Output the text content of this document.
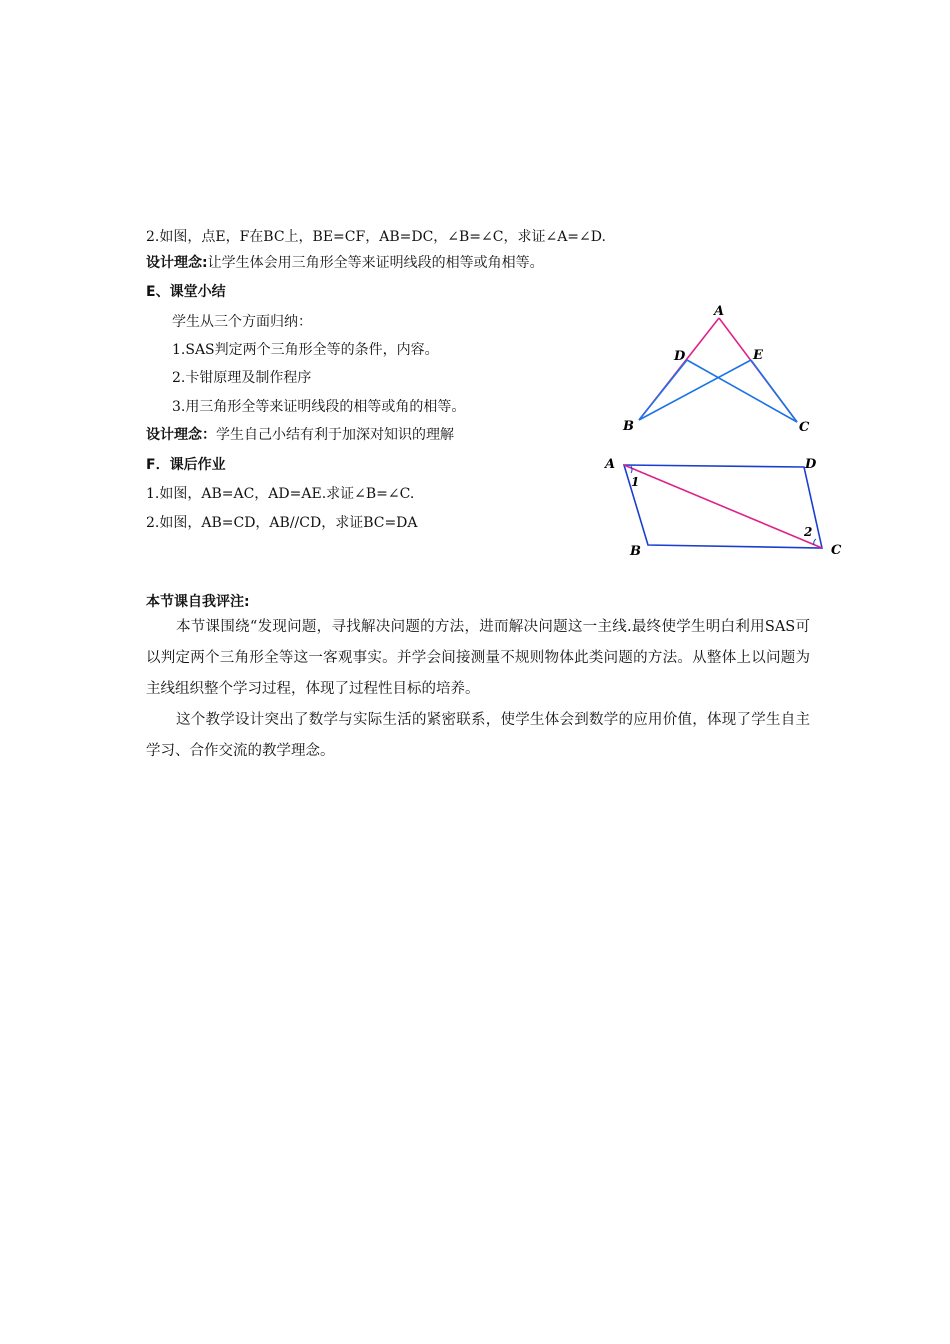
2.如图，点E，F在BC上，BE=CF，AB=DC，∠B=∠C，求证∠A=∠D.
设计理念:让学生体会用三角形全等来证明线段的相等或角相等。
E、课堂小结
学生从三个方面归纳：
1.SAS判定两个三角形全等的条件，内容。
2.卡钳原理及制作程序
3.用三角形全等来证明线段的相等或角的相等。
设计理念：学生自己小结有利于加深对知识的理解
F．课后作业
1.如图，AB=AC，AD=AE.求证∠B=∠C.
2.如图，AB=CD，AB//CD，求证BC=DA
A
D	E
B	C
A	D
B	C
1
2
本节课自我评注:
本节课围绕“发现问题，寻找解决问题的方法，进而解决问题这一主线.最终使学生明白利用SAS可以判定两个三角形全等这一客观事实。并学会间接测量不规则物体此类问题的方法。从整体上以问题为主线组织整个学习过程，体现了过程性目标的培养。
这个教学设计突出了数学与实际生活的紧密联系，使学生体会到数学的应用价值，体现了学生自主学习、合作交流的教学理念。
